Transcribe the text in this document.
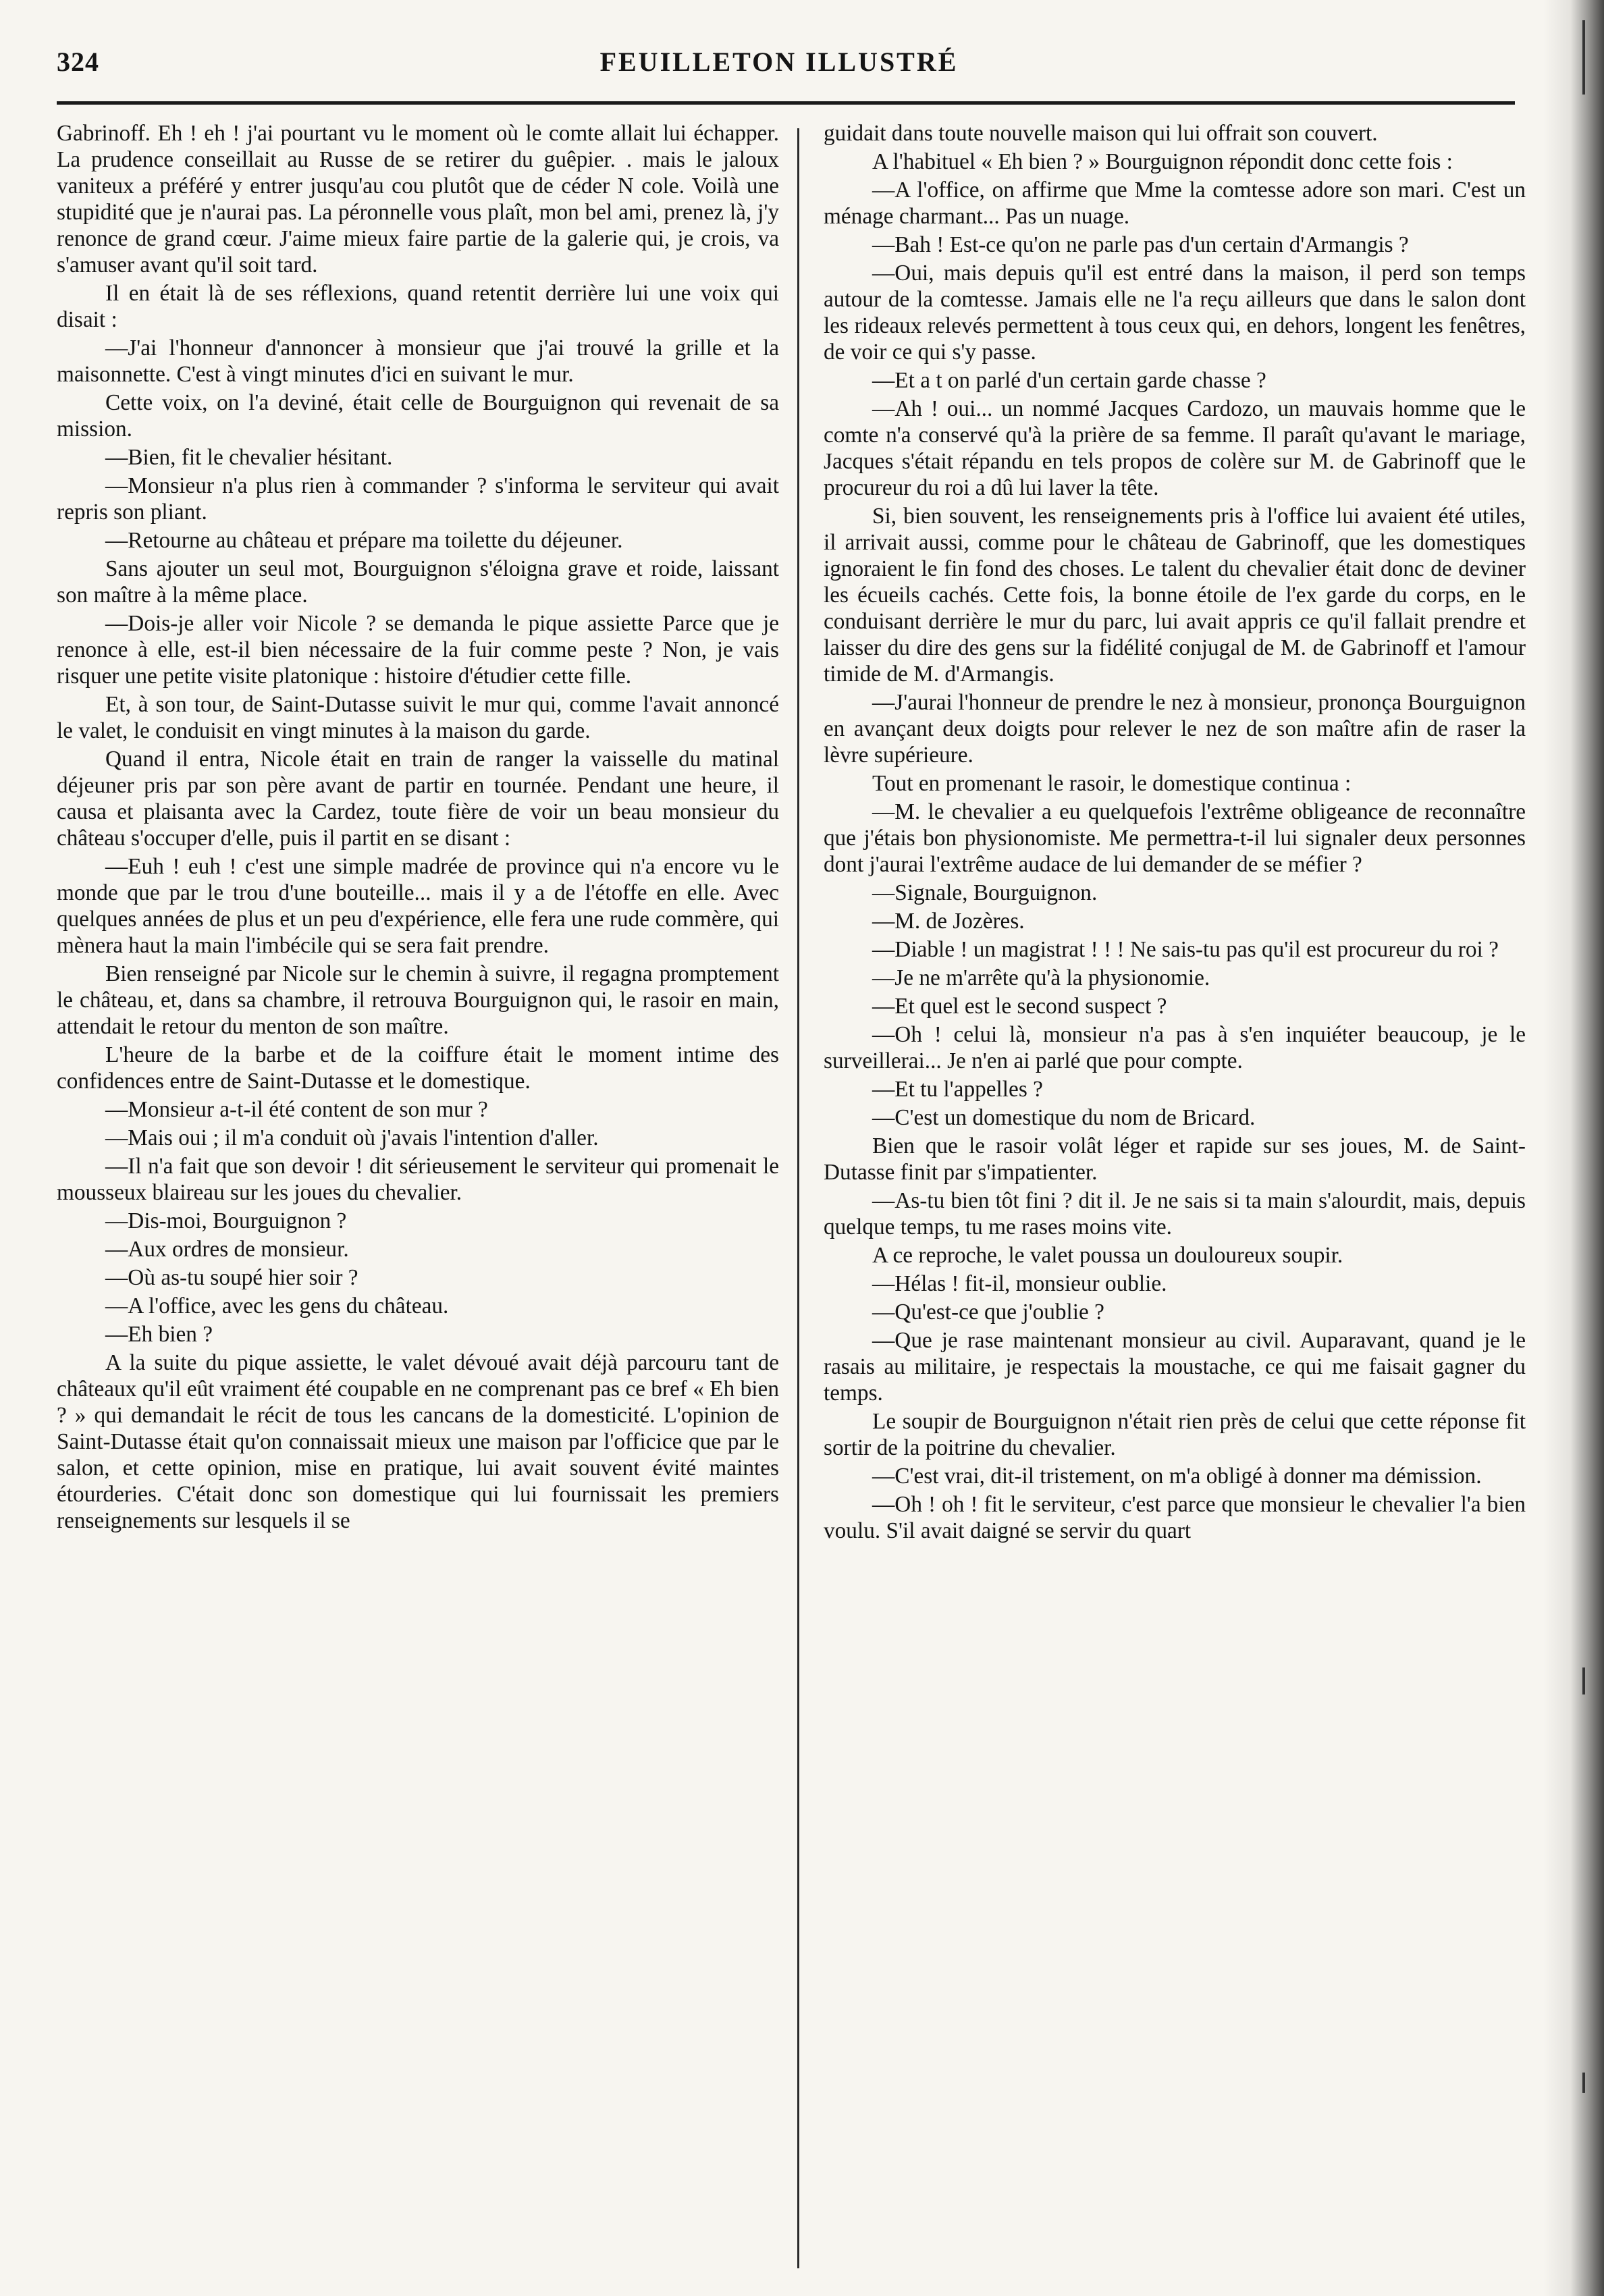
324	FEUILLETON ILLUSTRÉ

Gabrinoff. Eh ! eh ! j'ai pourtant vu le moment où le comte allait lui échapper. La prudence conseillait au Russe de se retirer du guêpier. . mais le jaloux vaniteux a préféré y entrer jusqu'au cou plutôt que de céder N cole. Voilà une stupidité que je n'aurai pas. La péronnelle vous plaît, mon bel ami, prenez là, j'y renonce de grand cœur. J'aime mieux faire partie de la galerie qui, je crois, va s'amuser avant qu'il soit tard.

Il en était là de ses réflexions, quand retentit derrière lui une voix qui disait :

—J'ai l'honneur d'annoncer à monsieur que j'ai trouvé la grille et la maisonnette. C'est à vingt minutes d'ici en suivant le mur.

Cette voix, on l'a deviné, était celle de Bourguignon qui revenait de sa mission.

—Bien, fit le chevalier hésitant.

—Monsieur n'a plus rien à commander ? s'informa le serviteur qui avait repris son pliant.

—Retourne au château et prépare ma toilette du déjeuner.

Sans ajouter un seul mot, Bourguignon s'éloigna grave et roide, laissant son maître à la même place.

—Dois-je aller voir Nicole ? se demanda le pique assiette Parce que je renonce à elle, est-il bien nécessaire de la fuir comme peste ? Non, je vais risquer une petite visite platonique : histoire d'étudier cette fille.

Et, à son tour, de Saint-Dutasse suivit le mur qui, comme l'avait annoncé le valet, le conduisit en vingt minutes à la maison du garde.

Quand il entra, Nicole était en train de ranger la vaisselle du matinal déjeuner pris par son père avant de partir en tournée. Pendant une heure, il causa et plaisanta avec la Cardez, toute fière de voir un beau monsieur du château s'occuper d'elle, puis il partit en se disant :

—Euh ! euh ! c'est une simple madrée de province qui n'a encore vu le monde que par le trou d'une bouteille... mais il y a de l'étoffe en elle. Avec quelques années de plus et un peu d'expérience, elle fera une rude commère, qui mènera haut la main l'imbécile qui se sera fait prendre.

Bien renseigné par Nicole sur le chemin à suivre, il regagna promptement le château, et, dans sa chambre, il retrouva Bourguignon qui, le rasoir en main, attendait le retour du menton de son maître.

L'heure de la barbe et de la coiffure était le moment intime des confidences entre de Saint-Dutasse et le domestique.

—Monsieur a-t-il été content de son mur ?

—Mais oui ; il m'a conduit où j'avais l'intention d'aller.

—Il n'a fait que son devoir ! dit sérieusement le serviteur qui promenait le mousseux blaireau sur les joues du chevalier.

—Dis-moi, Bourguignon ?

—Aux ordres de monsieur.

—Où as-tu soupé hier soir ?

—A l'office, avec les gens du château.

—Eh bien ?

A la suite du pique assiette, le valet dévoué avait déjà parcouru tant de châteaux qu'il eût vraiment été coupable en ne comprenant pas ce bref « Eh bien ? » qui demandait le récit de tous les cancans de la domesticité. L'opinion de Saint-Dutasse était qu'on connaissait mieux une maison par l'officice que par le salon, et cette opinion, mise en pratique, lui avait souvent évité maintes étourderies. C'était donc son domestique qui lui fournissait les premiers renseignements sur lesquels il se

guidait dans toute nouvelle maison qui lui offrait son couvert.

A l'habituel « Eh bien ? » Bourguignon répondit donc cette fois :

—A l'office, on affirme que Mme la comtesse adore son mari. C'est un ménage charmant... Pas un nuage.

—Bah ! Est-ce qu'on ne parle pas d'un certain d'Armangis ?

—Oui, mais depuis qu'il est entré dans la maison, il perd son temps autour de la comtesse. Jamais elle ne l'a reçu ailleurs que dans le salon dont les rideaux relevés permettent à tous ceux qui, en dehors, longent les fenêtres, de voir ce qui s'y passe.

—Et a t on parlé d'un certain garde chasse ?

—Ah ! oui... un nommé Jacques Cardozo, un mauvais homme que le comte n'a conservé qu'à la prière de sa femme. Il paraît qu'avant le mariage, Jacques s'était répandu en tels propos de colère sur M. de Gabrinoff que le procureur du roi a dû lui laver la tête.

Si, bien souvent, les renseignements pris à l'office lui avaient été utiles, il arrivait aussi, comme pour le château de Gabrinoff, que les domestiques ignoraient le fin fond des choses. Le talent du chevalier était donc de deviner les écueils cachés. Cette fois, la bonne étoile de l'ex garde du corps, en le conduisant derrière le mur du parc, lui avait appris ce qu'il fallait prendre et laisser du dire des gens sur la fidélité conjugal de M. de Gabrinoff et l'amour timide de M. d'Armangis.

—J'aurai l'honneur de prendre le nez à monsieur, prononça Bourguignon en avançant deux doigts pour relever le nez de son maître afin de raser la lèvre supérieure.

Tout en promenant le rasoir, le domestique continua :

—M. le chevalier a eu quelquefois l'extrême obligeance de reconnaître que j'étais bon physionomiste. Me permettra-t-il lui signaler deux personnes dont j'aurai l'extrême audace de lui demander de se méfier ?

—Signale, Bourguignon.

—M. de Jozères.

—Diable ! un magistrat ! ! ! Ne sais-tu pas qu'il est procureur du roi ?

—Je ne m'arrête qu'à la physionomie.

—Et quel est le second suspect ?

—Oh ! celui là, monsieur n'a pas à s'en inquiéter beaucoup, je le surveillerai... Je n'en ai parlé que pour compte.

—Et tu l'appelles ?

—C'est un domestique du nom de Bricard.

Bien que le rasoir volât léger et rapide sur ses joues, M. de Saint-Dutasse finit par s'impatienter.

—As-tu bien tôt fini ? dit il. Je ne sais si ta main s'alourdit, mais, depuis quelque temps, tu me rases moins vite.

A ce reproche, le valet poussa un douloureux soupir.

—Hélas ! fit-il, monsieur oublie.

—Qu'est-ce que j'oublie ?

—Que je rase maintenant monsieur au civil. Auparavant, quand je le rasais au militaire, je respectais la moustache, ce qui me faisait gagner du temps.

Le soupir de Bourguignon n'était rien près de celui que cette réponse fit sortir de la poitrine du chevalier.

—C'est vrai, dit-il tristement, on m'a obligé à donner ma démission.

—Oh ! oh ! fit le serviteur, c'est parce que monsieur le chevalier l'a bien voulu. S'il avait daigné se servir du quart
